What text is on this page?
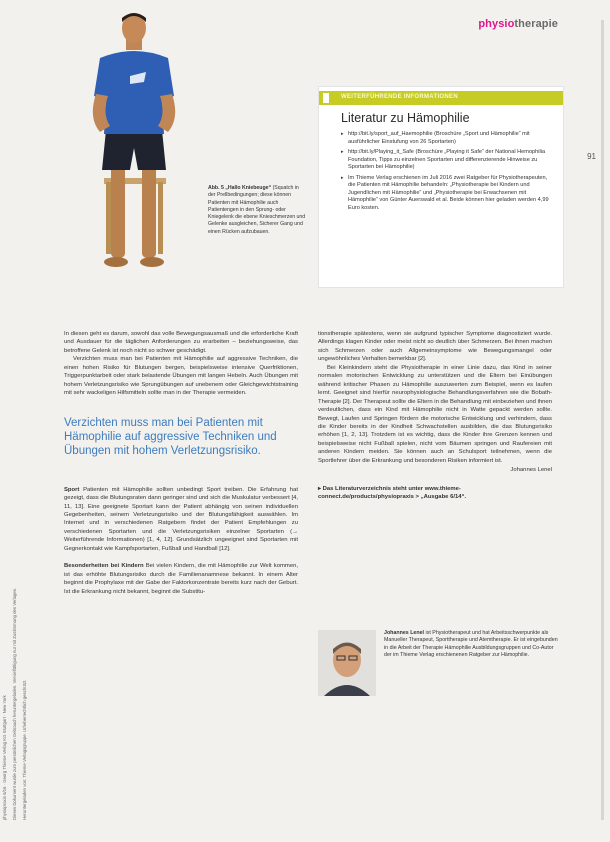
physiotherapie
91
Abb. 5 „Hallo Kniebeuge“ (Squatch in der Prellbedingungen; diese können Patienten mit Hämophilie auch Patientengen in den Sprung- oder Kniegelenk die ebene Knieschmerzen und Gelenke ausgleichen, Sicherer Gang und einen Rücken aufzubauen.
WEITERFÜHRENDE INFORMATIONEN
Literatur zu Hämophilie
▸ http://bit.ly/sport_auf_Haemophilie (Broschüre „Sport und Hämophilie“ mit ausführlicher Einstufung von 26 Sportarten)
▸ http://bit.ly/Playing_it_Safe (Broschüre „Playing it Safe“ der National Hemophilia Foundation, Tipps zu einzelnen Sportarten und differenzierende Hinweise zu Sportarten bei Hämophilie)
▸ Im Thieme Verlag erschienen im Juli 2016 zwei Ratgeber für Physiotherapeuten, die Patienten mit Hämophilie behandeln: „Physiotherapie bei Kindern und Jugendlichen mit Hämophilie“ und „Physiotherapie bei Erwachsenen mit Hämophilie“ von Günter Auerswald et al. Beide können hier geladen werden 4,99 Euro kosten.

In diesen geht es darum, sowohl das volle Bewegungsausmaß und die erforderliche Kraft und Ausdauer für die täglichen Anforderungen zu erarbeiten – beziehungsweise, das betroffene Gelenk ist noch nicht so schwer geschädigt.

Verzichten muss man bei Patienten mit Hämophilie auf aggressive Techniken, die einen hohen Risiko für Blutungen bergen, beispielsweise intensive Querfriktionen, Triggerpunktarbeit oder stark belastende Übungen mit langen Hebeln. Auch Übungen mit hohem Verletzungsrisiko wie Sprungübungen auf unebenem oder Gleichgewichtstraining mit sehr wackeligen Hilfsmitteln sollte man in der Therapie vermeiden.

Verzichten muss man bei Patienten mit Hämophilie auf aggressive Techniken und Übungen mit hohem Verletzungsrisiko.

Sport Patienten mit Hämophilie sollten unbedingt Sport treiben. Die Erfahrung hat gezeigt, dass die Blutungsraten dann geringer sind und sich die Muskulatur verbessert [4, 11, 13]. Eine geeignete Sportart kann der Patient abhängig von seinen individuellen Gegebenheiten, seinem Verletzungsrisiko und der Blutungsfähigkeit auswählen. Im Internet und in verschiedenen Ratgebern findet der Patient Empfehlungen zu verschiedenen Sportarten und die Verletzungsrisiken einzelner Sportarten (→ Weiterführende Informationen) [1, 4, 12]. Grundsätzlich ungeeignet sind Sportarten mit Gegnerkontakt wie Kampfsportarten, Fußball und Handball [12].

Besonderheiten bei Kindern Bei vielen Kindern, die mit Hämophilie zur Welt kommen, ist das erhöhte Blutungsrisiko durch die Familienanamnese bekannt. In einem Alter beginnt die Prophylaxe mit der Gabe der Faktorkonzentrate bereits kurz nach der Geburt. Ist die Erkrankung nicht bekannt, beginnt die Substitu-

tionstherapie spätestens, wenn sie aufgrund typischer Symptome diagnostiziert wurde. Allerdings klagen Kinder oder meist nicht so deutlich über Schmerzen. Bei ihnen machen sich Schmerzen oder auch Allgemeinsymptome wie Bewegungsmangel oder ungewöhnliches Verhalten bemerkbar [2].

Bei Kleinkindern steht die Physiotherapie in einer Linie dazu, das Kind in seiner normalen motorischen Entwicklung zu unterstützen und die Eltern bei Einübungen während kritischer Phasen zu Hämophilie auszuwerten zum Beispiel, wenn es laufen lernt. Geeignet sind hierfür neurophysiologische Behandlungsverfahren wie die Bobath-Therapie [2]. Der Therapeut sollte die Eltern in die Behandlung mit einbeziehen und ihnen verdeutlichen, dass ein Kind mit Hämophilie nicht in Watte gepackt werden sollte. Bewegt, Laufen und Springen fördern die motorische Entwicklung und verhindern, dass die Kinder bereits in der Kindheit Schwachstellen ausbilden, die das Blutungsrisiko erhöhen [1, 2, 13]. Trotzdem ist es wichtig, dass die Kinder ihre Grenzen kennen und beispielsweise nicht Fußball spielen, nicht vom Bäumen springen und Raufereien mit anderen Kindern meiden. Sie können auch an Schulsport teilnehmen, wenn die Sportlehrer über die Erkrankung und besonderen Risiken informiert ist.

Johannes Lenel

▸ Das Literaturverzeichnis steht unter www.thieme-connect.de/products/physiopraxis > „Ausgabe 6/14“.

Johannes Lenel ist Physiotherapeut und hat Arbeitsschwerpunkte als Manueller Therapeut, Sporttherapie und Atemtherapie. Er ist eingebunden in die Arbeit der Therapie Hämophilie Ausbildungsgruppen und Co-Autor der im Thieme Verlag erschienenen Ratgeber zur Hämophilie.
physiopraxis 6/16 · Georg Thieme Verlag KG Stuttgart · New York Dieses Dokument wurde zum persönlichen Gebrauch heruntergeladen. Vervielfältigung nur mit Zustimmung des Verlages. Heruntergeladen von: Thieme Verlagsgruppe. Urheberrechtlich geschützt.
